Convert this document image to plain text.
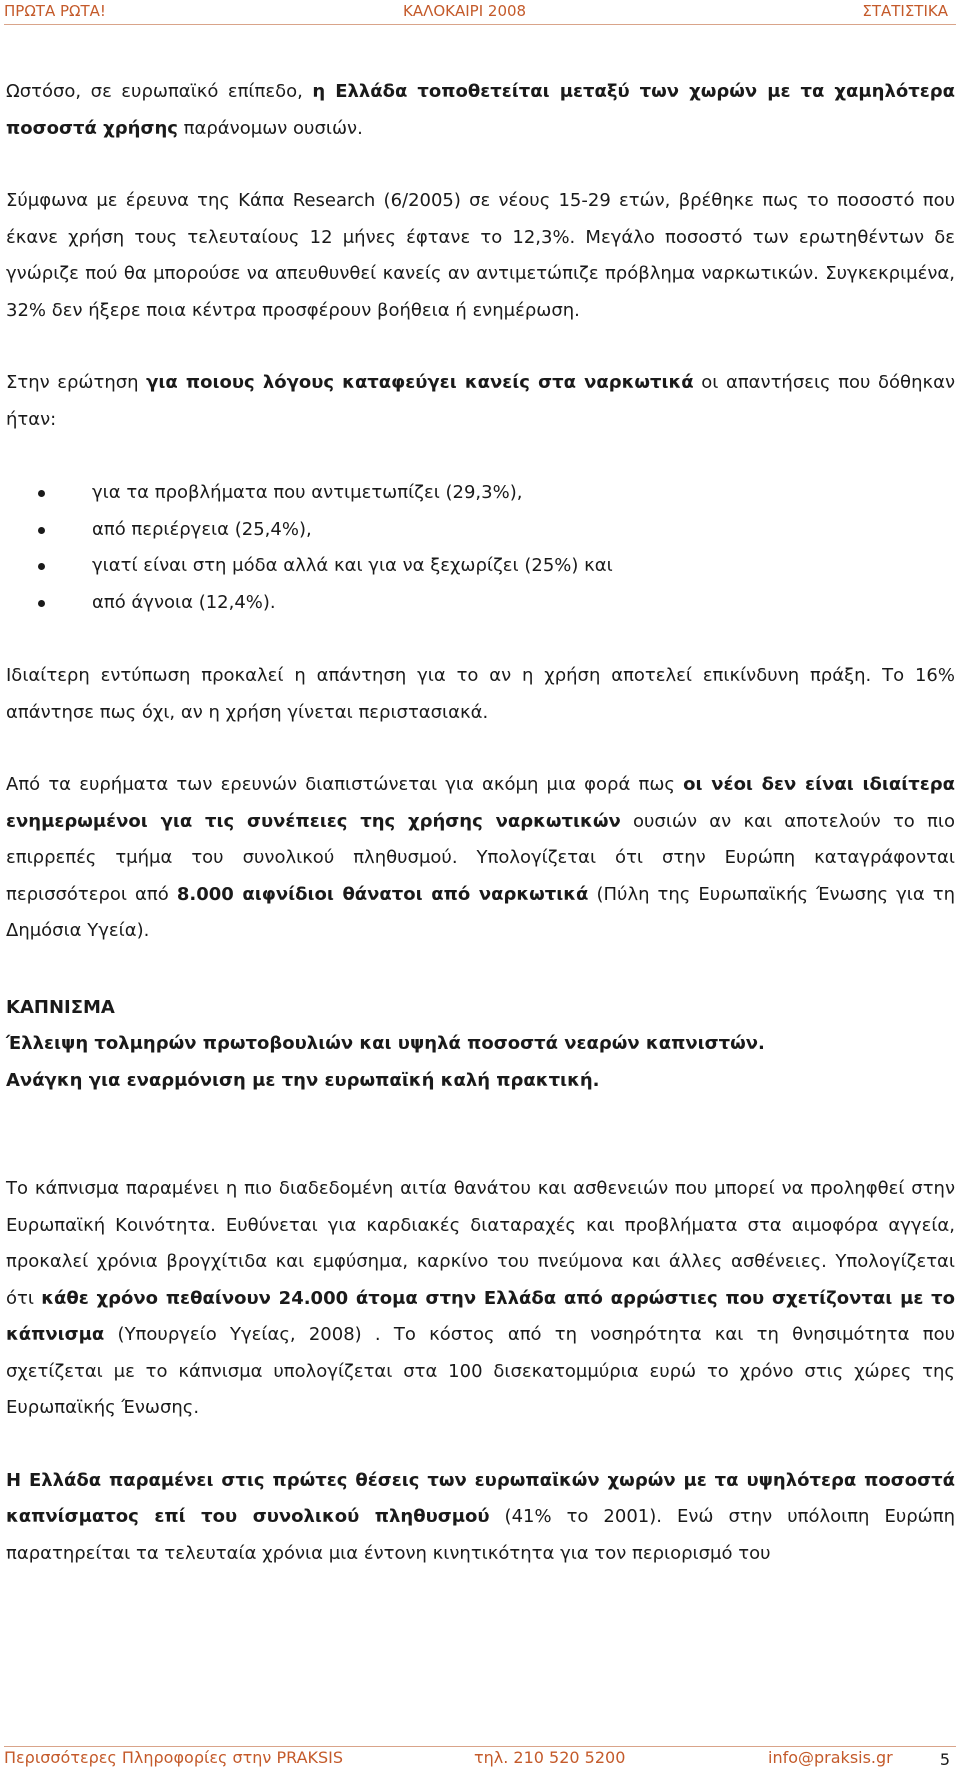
ΠΡΩΤΑ ΡΩΤΑ!	ΚΑΛΟΚΑΙΡΙ 2008	ΣΤΑΤΙΣΤΙΚΑ

Ωστόσο, σε ευρωπαϊκό επίπεδο, η Ελλάδα τοποθετείται μεταξύ των χωρών με τα χαμηλότερα ποσοστά χρήσης παράνομων ουσιών.

Σύμφωνα με έρευνα της Κάπα Research (6/2005) σε νέους 15-29 ετών, βρέθηκε πως το ποσοστό που έκανε χρήση τους τελευταίους 12 μήνες έφτανε το 12,3%. Μεγάλο ποσοστό των ερωτηθέντων δε γνώριζε πού θα μπορούσε να απευθυνθεί κανείς αν αντιμετώπιζε πρόβλημα ναρκωτικών. Συγκεκριμένα, 32% δεν ήξερε ποια κέντρα προσφέρουν βοήθεια ή ενημέρωση.

Στην ερώτηση για ποιους λόγους καταφεύγει κανείς στα ναρκωτικά οι απαντήσεις που δόθηκαν ήταν:

για τα προβλήματα που αντιμετωπίζει (29,3%),
από περιέργεια (25,4%),
γιατί είναι στη μόδα αλλά και για να ξεχωρίζει (25%) και
από άγνοια (12,4%).

Ιδιαίτερη εντύπωση προκαλεί η απάντηση για το αν η χρήση αποτελεί επικίνδυνη πράξη. Το 16% απάντησε πως όχι, αν η χρήση γίνεται περιστασιακά.

Από τα ευρήματα των ερευνών διαπιστώνεται για ακόμη μια φορά πως οι νέοι δεν είναι ιδιαίτερα ενημερωμένοι για τις συνέπειες της χρήσης ναρκωτικών ουσιών αν και αποτελούν το πιο επιρρεπές τμήμα του συνολικού πληθυσμού. Υπολογίζεται ότι στην Ευρώπη καταγράφονται περισσότεροι από 8.000 αιφνίδιοι θάνατοι από ναρκωτικά (Πύλη της Ευρωπαϊκής Ένωσης για τη Δημόσια Υγεία).

ΚΑΠΝΙΣΜΑ

Έλλειψη τολμηρών πρωτοβουλιών και υψηλά ποσοστά νεαρών καπνιστών.

Ανάγκη για εναρμόνιση με την ευρωπαϊκή καλή πρακτική.

Το κάπνισμα παραμένει η πιο διαδεδομένη αιτία θανάτου και ασθενειών που μπορεί να προληφθεί στην Ευρωπαϊκή Κοινότητα. Ευθύνεται για καρδιακές διαταραχές και προβλήματα στα αιμοφόρα αγγεία, προκαλεί χρόνια βρογχίτιδα και εμφύσημα, καρκίνο του πνεύμονα και άλλες ασθένειες. Υπολογίζεται ότι κάθε χρόνο πεθαίνουν 24.000 άτομα στην Ελλάδα από αρρώστιες που σχετίζονται με το κάπνισμα (Υπουργείο Υγείας, 2008) . Το κόστος από τη νοσηρότητα και τη θνησιμότητα που σχετίζεται με το κάπνισμα υπολογίζεται στα 100 δισεκατομμύρια ευρώ το χρόνο στις χώρες της Ευρωπαϊκής Ένωσης.

Η Ελλάδα παραμένει στις πρώτες θέσεις των ευρωπαϊκών χωρών με τα υψηλότερα ποσοστά καπνίσματος επί του συνολικού πληθυσμού (41% το 2001). Ενώ στην υπόλοιπη Ευρώπη παρατηρείται τα τελευταία χρόνια μια έντονη κινητικότητα για τον περιορισμό του

Περισσότερες Πληροφορίες στην PRAKSIS	τηλ. 210 520 5200	info@praksis.gr	5
